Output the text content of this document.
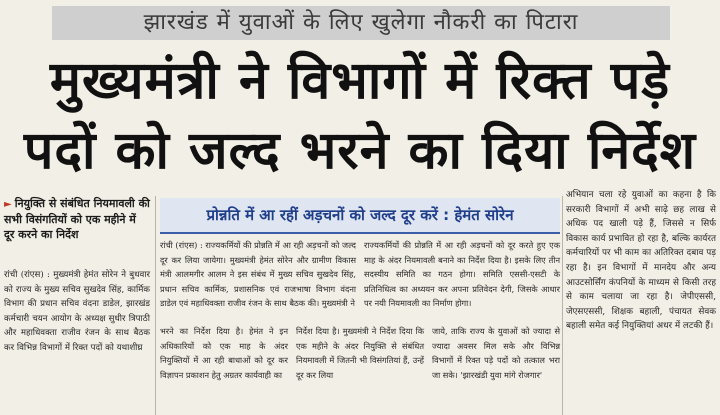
झारखंड में युवाओं के लिए खुलेगा नौकरी का पिटारा
मुख्यमंत्री ने विभागों में रिक्त पड़े
पदों को जल्द भरने का दिया निर्देश
► नियुक्ति से संबंधित नियमावली की सभी विसंगतियों को एक महीने में दूर करने का निर्देश
रांची (रांएस) : मुख्यमंत्री हेमंत सोरेन ने बुधवार को राज्य के मुख्य सचिव सुखदेव सिंह, कार्मिक विभाग की प्रधान सचिव वंदना डाडेल, झारखंड कर्मचारी चयन आयोग के अध्यक्ष सुधीर त्रिपाठी और महाधिवक्ता राजीव रंजन के साथ बैठक कर विभिन्न विभागों में रिक्त पदों को यथाशीघ्र
प्रोन्नति में आ रहीं अड़चनों को जल्द दूर करें : हेमंत सोरेन
रांची (रांएस) : राज्यकर्मियों की प्रोन्नति में आ रही अड़चनों को जल्द दूर कर लिया जायेगा। मुख्यमंत्री हेमंत सोरेन और ग्रामीण विकास मंत्री आलमगीर आलम ने इस संबंध में मुख्य सचिव सुखदेव सिंह, प्रधान सचिव कार्मिक, प्रशासनिक एवं राजभाषा विभाग वंदना डाडेल एवं महाधिवक्ता राजीव रंजन के साथ बैठक की। मुख्यमंत्री ने
राज्यकर्मियों की प्रोन्नति में आ रही अड़चनों को दूर करते हुए एक माह के अंदर नियमावली बनाने का निर्देश दिया है। इसके लिए तीन सदस्यीय समिति का गठन होगा। समिति एससी-एसटी के प्रतिनिधित्व का अध्ययन कर अपना प्रतिवेदन देगी, जिसके आधार पर नयी नियमावली का निर्माण होगा।
भरने का निर्देश दिया है। हेमंत ने इन अधिकारियों को एक माह के अंदर नियुक्तियों में आ रही बाधाओं को दूर कर विज्ञापन प्रकाशन हेतु अग्रतर कार्यवाही का
निर्देश दिया है। मुख्यमंत्री ने निर्देश दिया कि एक महीने के अंदर नियुक्ति से संबंधित नियमावली में जितनी भी विसंगतियां हैं, उन्हें दूर कर लिया
जाये, ताकि राज्य के युवाओं को ज्यादा से ज्यादा अवसर मिल सके और विभिन्न विभागों में रिक्त पड़े पदों को तत्काल भरा जा सके। 'झारखंडी युवा मांगे रोजगार'
अभियान चला रहे युवाओं का कहना है कि सरकारी विभागों में अभी साढ़े छह लाख से अधिक पद खाली पड़े हैं, जिससे न सिर्फ विकास कार्य प्रभावित हो रहा है, बल्कि कार्यरत कर्मचारियों पर भी काम का अतिरिक्त दबाव पड़ रहा है। इन विभागों में मानदेय और अन्य आउटसोर्सिंग कंपनियों के माध्यम से किसी तरह से काम चलाया जा रहा है। जेपीएससी, जेएसएससी, शिक्षक बहाली, पंचायत सेवक बहाली समेत कई नियुक्तियां अधर में लटकी हैं।
